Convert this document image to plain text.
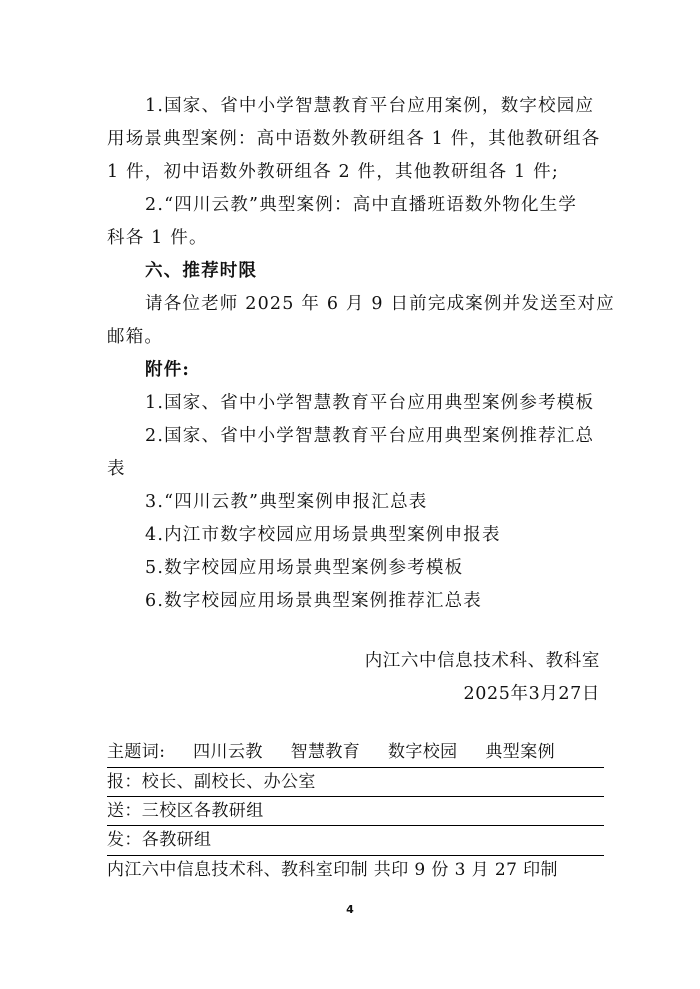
1.国家、省中小学智慧教育平台应用案例，数字校园应
用场景典型案例：高中语数外教研组各 1 件，其他教研组各
1 件，初中语数外教研组各 2 件，其他教研组各 1 件;
2.“四川云教”典型案例：高中直播班语数外物化生学
科各 1 件。
六、推荐时限
请各位老师 2025 年 6 月 9 日前完成案例并发送至对应
邮箱。
附件:
1.国家、省中小学智慧教育平台应用典型案例参考模板
2.国家、省中小学智慧教育平台应用典型案例推荐汇总
表
3.“四川云教”典型案例申报汇总表
4.内江市数字校园应用场景典型案例申报表
5.数字校园应用场景典型案例参考模板
6.数字校园应用场景典型案例推荐汇总表
内江六中信息技术科、教科室
2025年3月27日
主题词: 四川云教 智慧教育 数字校园 典型案例
报：校长、副校长、办公室
送：三校区各教研组
发：各教研组
内江六中信息技术科、教科室印制 共印 9 份 3 月 27 印制
4
